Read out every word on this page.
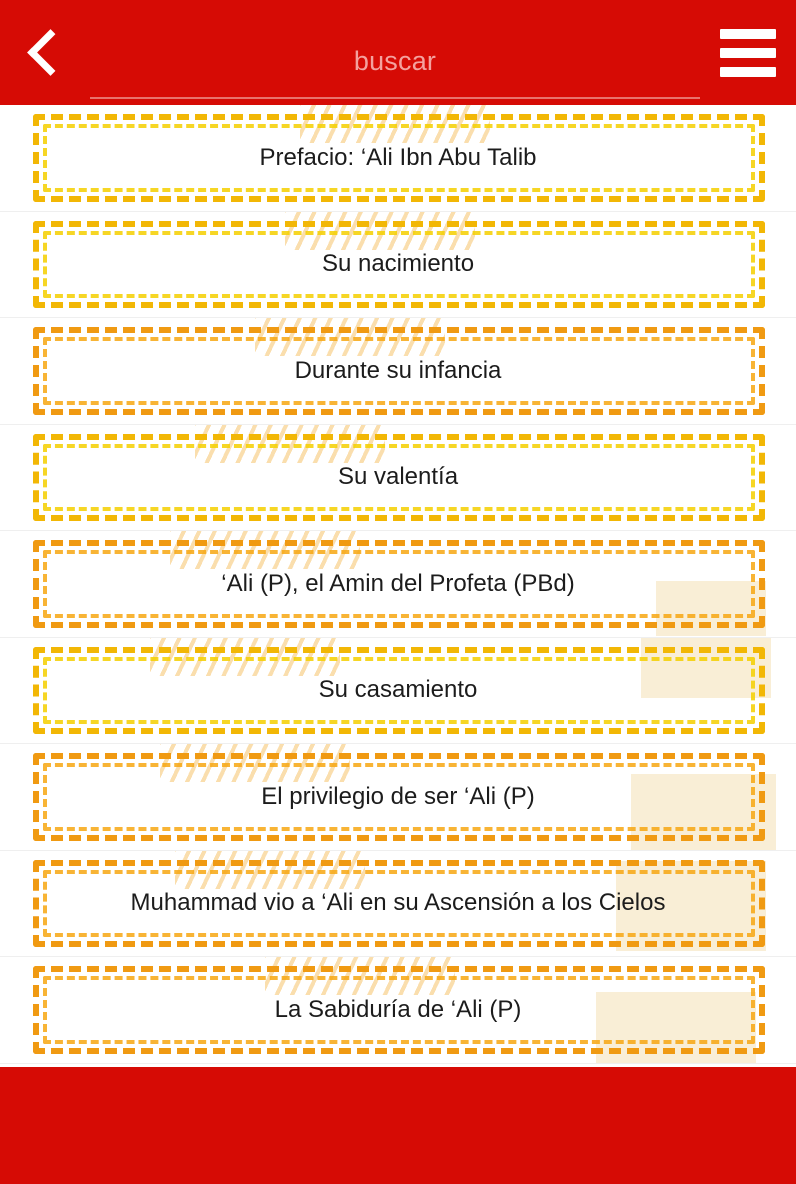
buscar
Prefacio: ‘Ali Ibn Abu Talib
Su nacimiento
Durante su infancia
Su valentía
‘Ali (P), el Amin del Profeta (PBd)
Su casamiento
El privilegio de ser ‘Ali (P)
Muhammad vio a ‘Ali en su Ascensión a los Cielos
La Sabiduría de ‘Ali (P)
